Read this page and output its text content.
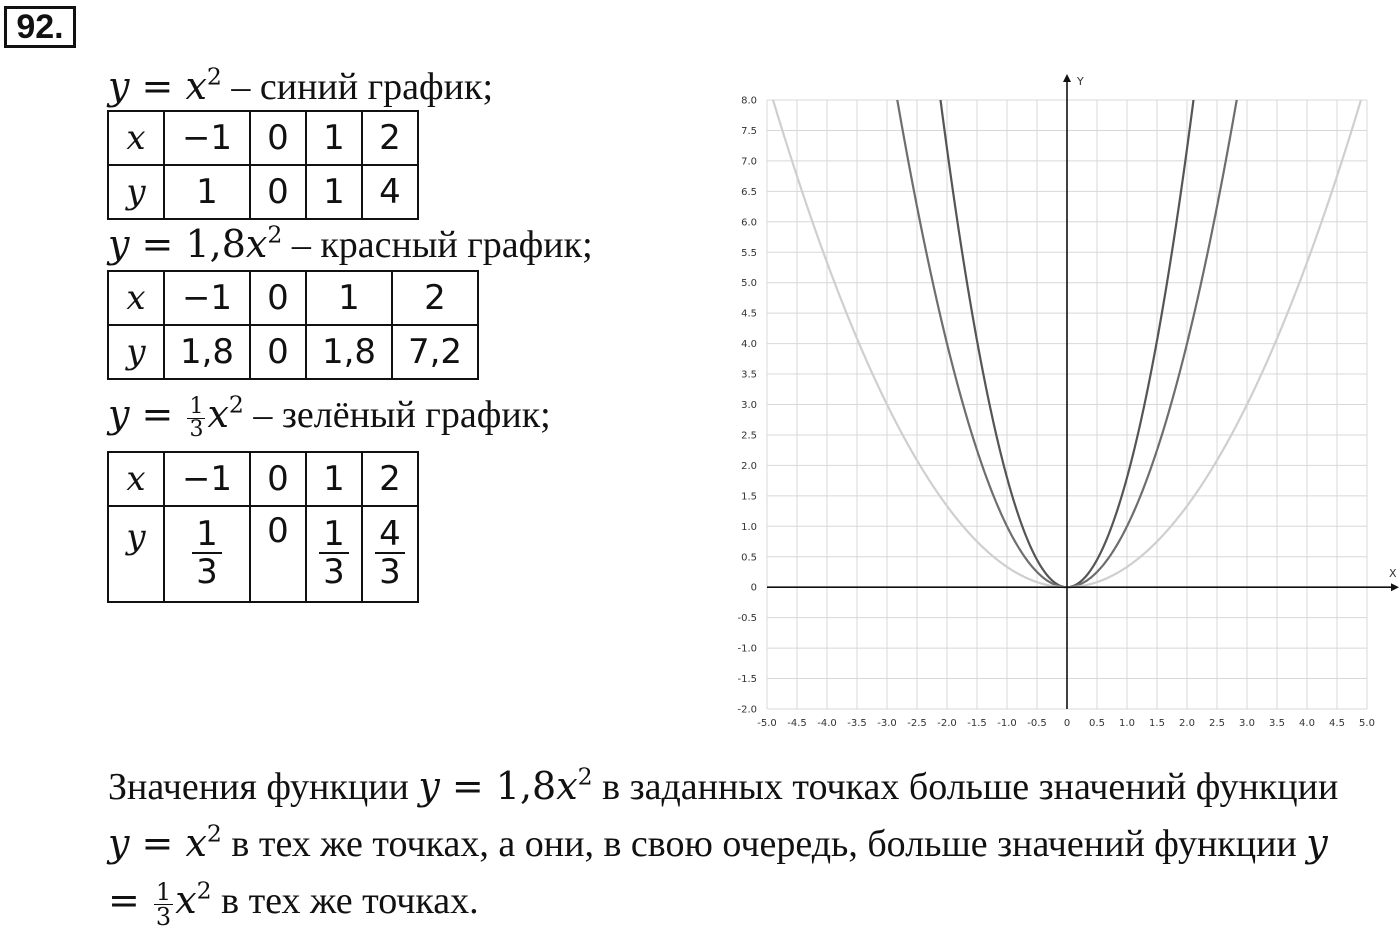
92.
$y = x^2$ – синий график;
x	−1	0	1	2
y	1	0	1	4
$y = 1,8x^2$ – красный график;
x	−1	0	1	2
y	1,8	0	1,8	7,2
$y = \frac{1}{3} x^2$ – зелёный график;
x	−1	0	1	2
y	$\frac{1}{3}$	0	$\frac{1}{3}$	$\frac{4}{3}$	X
Y
-5.0 -4.5 -4.0 -3.5 -3.0 -2.5 -2.0 -1.5 -1.0 -0.5 0 0.5 1.0 1.5 2.0 2.5 3.0 3.5 4.0 4.5 5.0
8.0
7.5
7.0
6.5
6.0
5.5
5.0
4.5
4.0
3.5
3.0
2.5
2.0
1.5
1.0
0.5
0
-0.5
-1.0
-1.5
-2.0
Значения функции $y = 1,8x^2$ в заданных точках больше значений функции $y = x^2$ в тех же точках, а они, в свою очередь, больше значений функции $y = \frac{1}{3} x^2$ в тех же точках.
